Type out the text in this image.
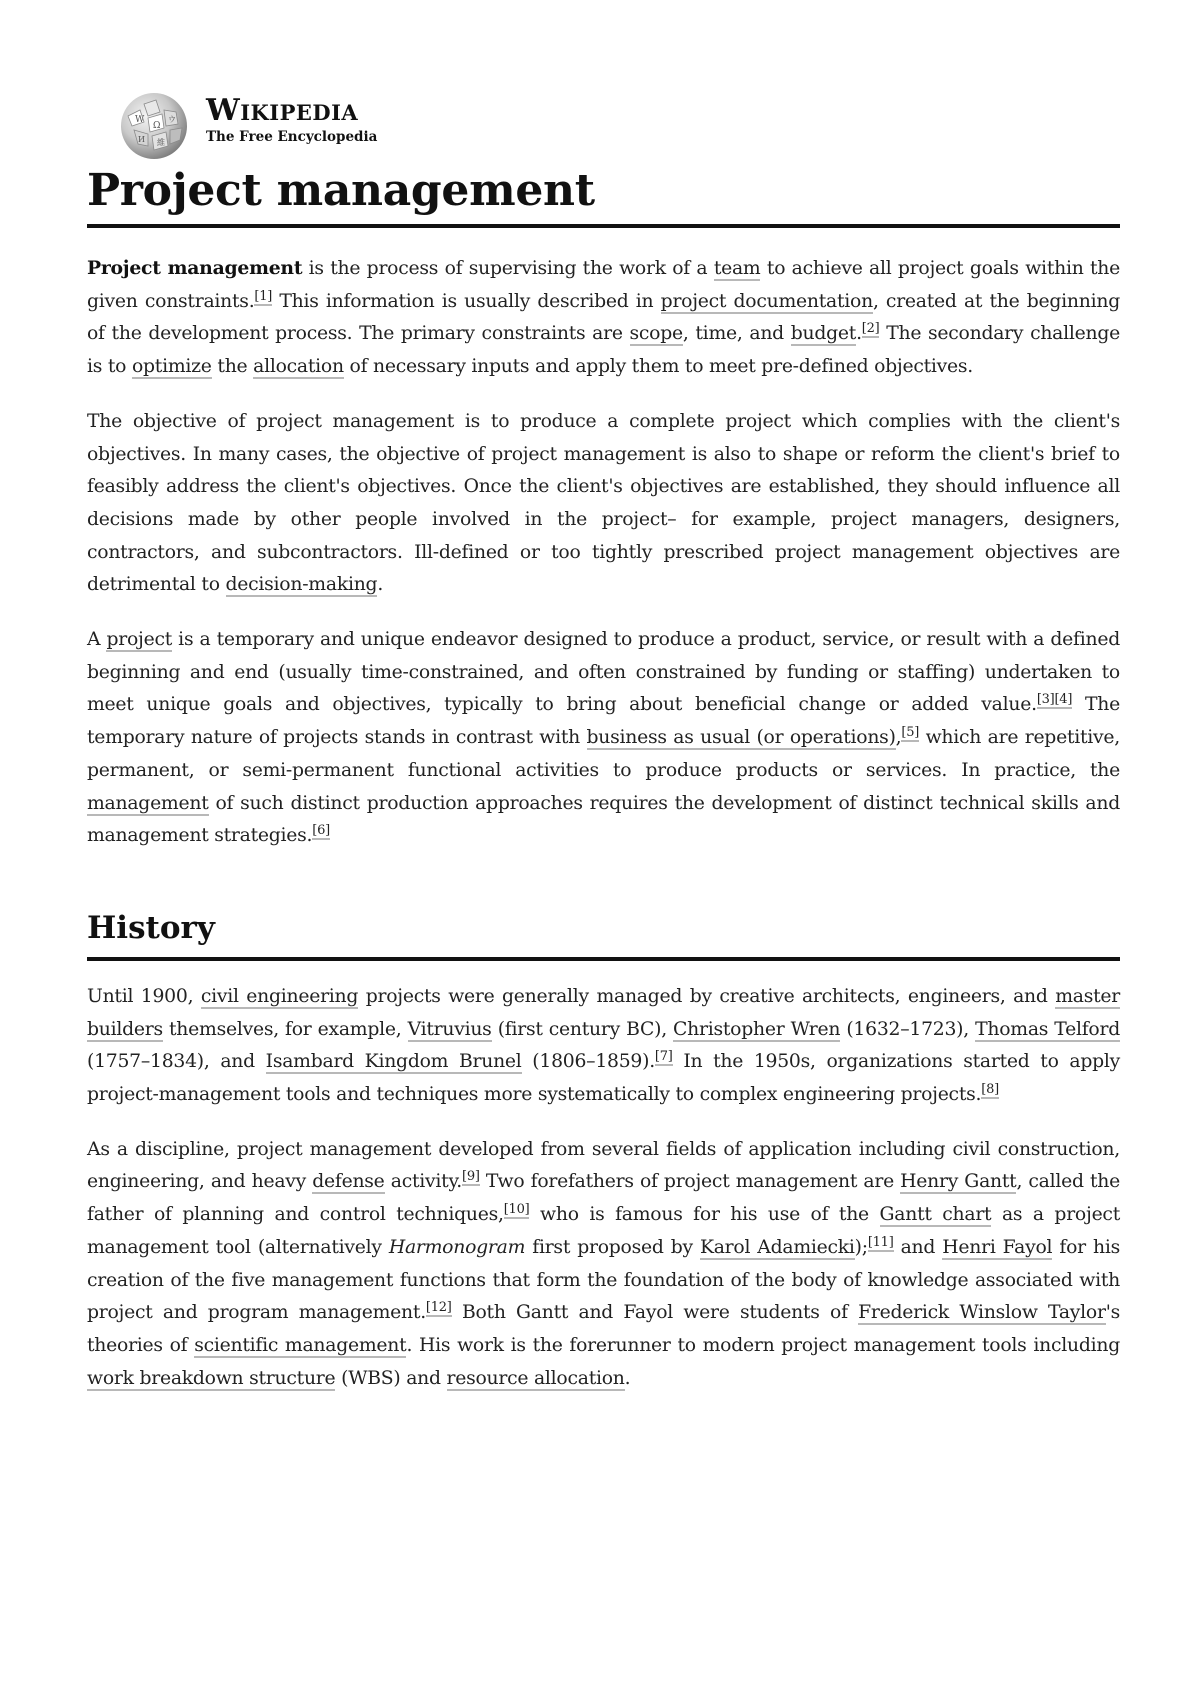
W
Ω
ウ
И 維
Wikipedia
The Free Encyclopedia
Project management

Project management is the process of supervising the work of a team to achieve all project goals within the given constraints.[1] This information is usually described in project documentation, created at the beginning of the development process. The primary constraints are scope, time, and budget.[2] The secondary challenge is to optimize the allocation of necessary inputs and apply them to meet pre-defined objectives.

The objective of project management is to produce a complete project which complies with the client's objectives. In many cases, the objective of project management is also to shape or reform the client's brief to feasibly address the client's objectives. Once the client's objectives are established, they should influence all decisions made by other people involved in the project– for example, project managers, designers, contractors, and subcontractors. Ill-defined or too tightly prescribed project management objectives are detrimental to decision-making.

A project is a temporary and unique endeavor designed to produce a product, service, or result with a defined beginning and end (usually time-constrained, and often constrained by funding or staffing) undertaken to meet unique goals and objectives, typically to bring about beneficial change or added value.[3][4] The temporary nature of projects stands in contrast with business as usual (or operations),[5] which are repetitive, permanent, or semi-permanent functional activities to produce products or services. In practice, the management of such distinct production approaches requires the development of distinct technical skills and management strategies.[6]

History

Until 1900, civil engineering projects were generally managed by creative architects, engineers, and master builders themselves, for example, Vitruvius (first century BC), Christopher Wren (1632–1723), Thomas Telford (1757–1834), and Isambard Kingdom Brunel (1806–1859).[7] In the 1950s, organizations started to apply project-management tools and techniques more systematically to complex engineering projects.[8]

As a discipline, project management developed from several fields of application including civil construction, engineering, and heavy defense activity.[9] Two forefathers of project management are Henry Gantt, called the father of planning and control techniques,[10] who is famous for his use of the Gantt chart as a project management tool (alternatively Harmonogram first proposed by Karol Adamiecki);[11] and Henri Fayol for his creation of the five management functions that form the foundation of the body of knowledge associated with project and program management.[12] Both Gantt and Fayol were students of Frederick Winslow Taylor's theories of scientific management. His work is the forerunner to modern project management tools including work breakdown structure (WBS) and resource allocation.
